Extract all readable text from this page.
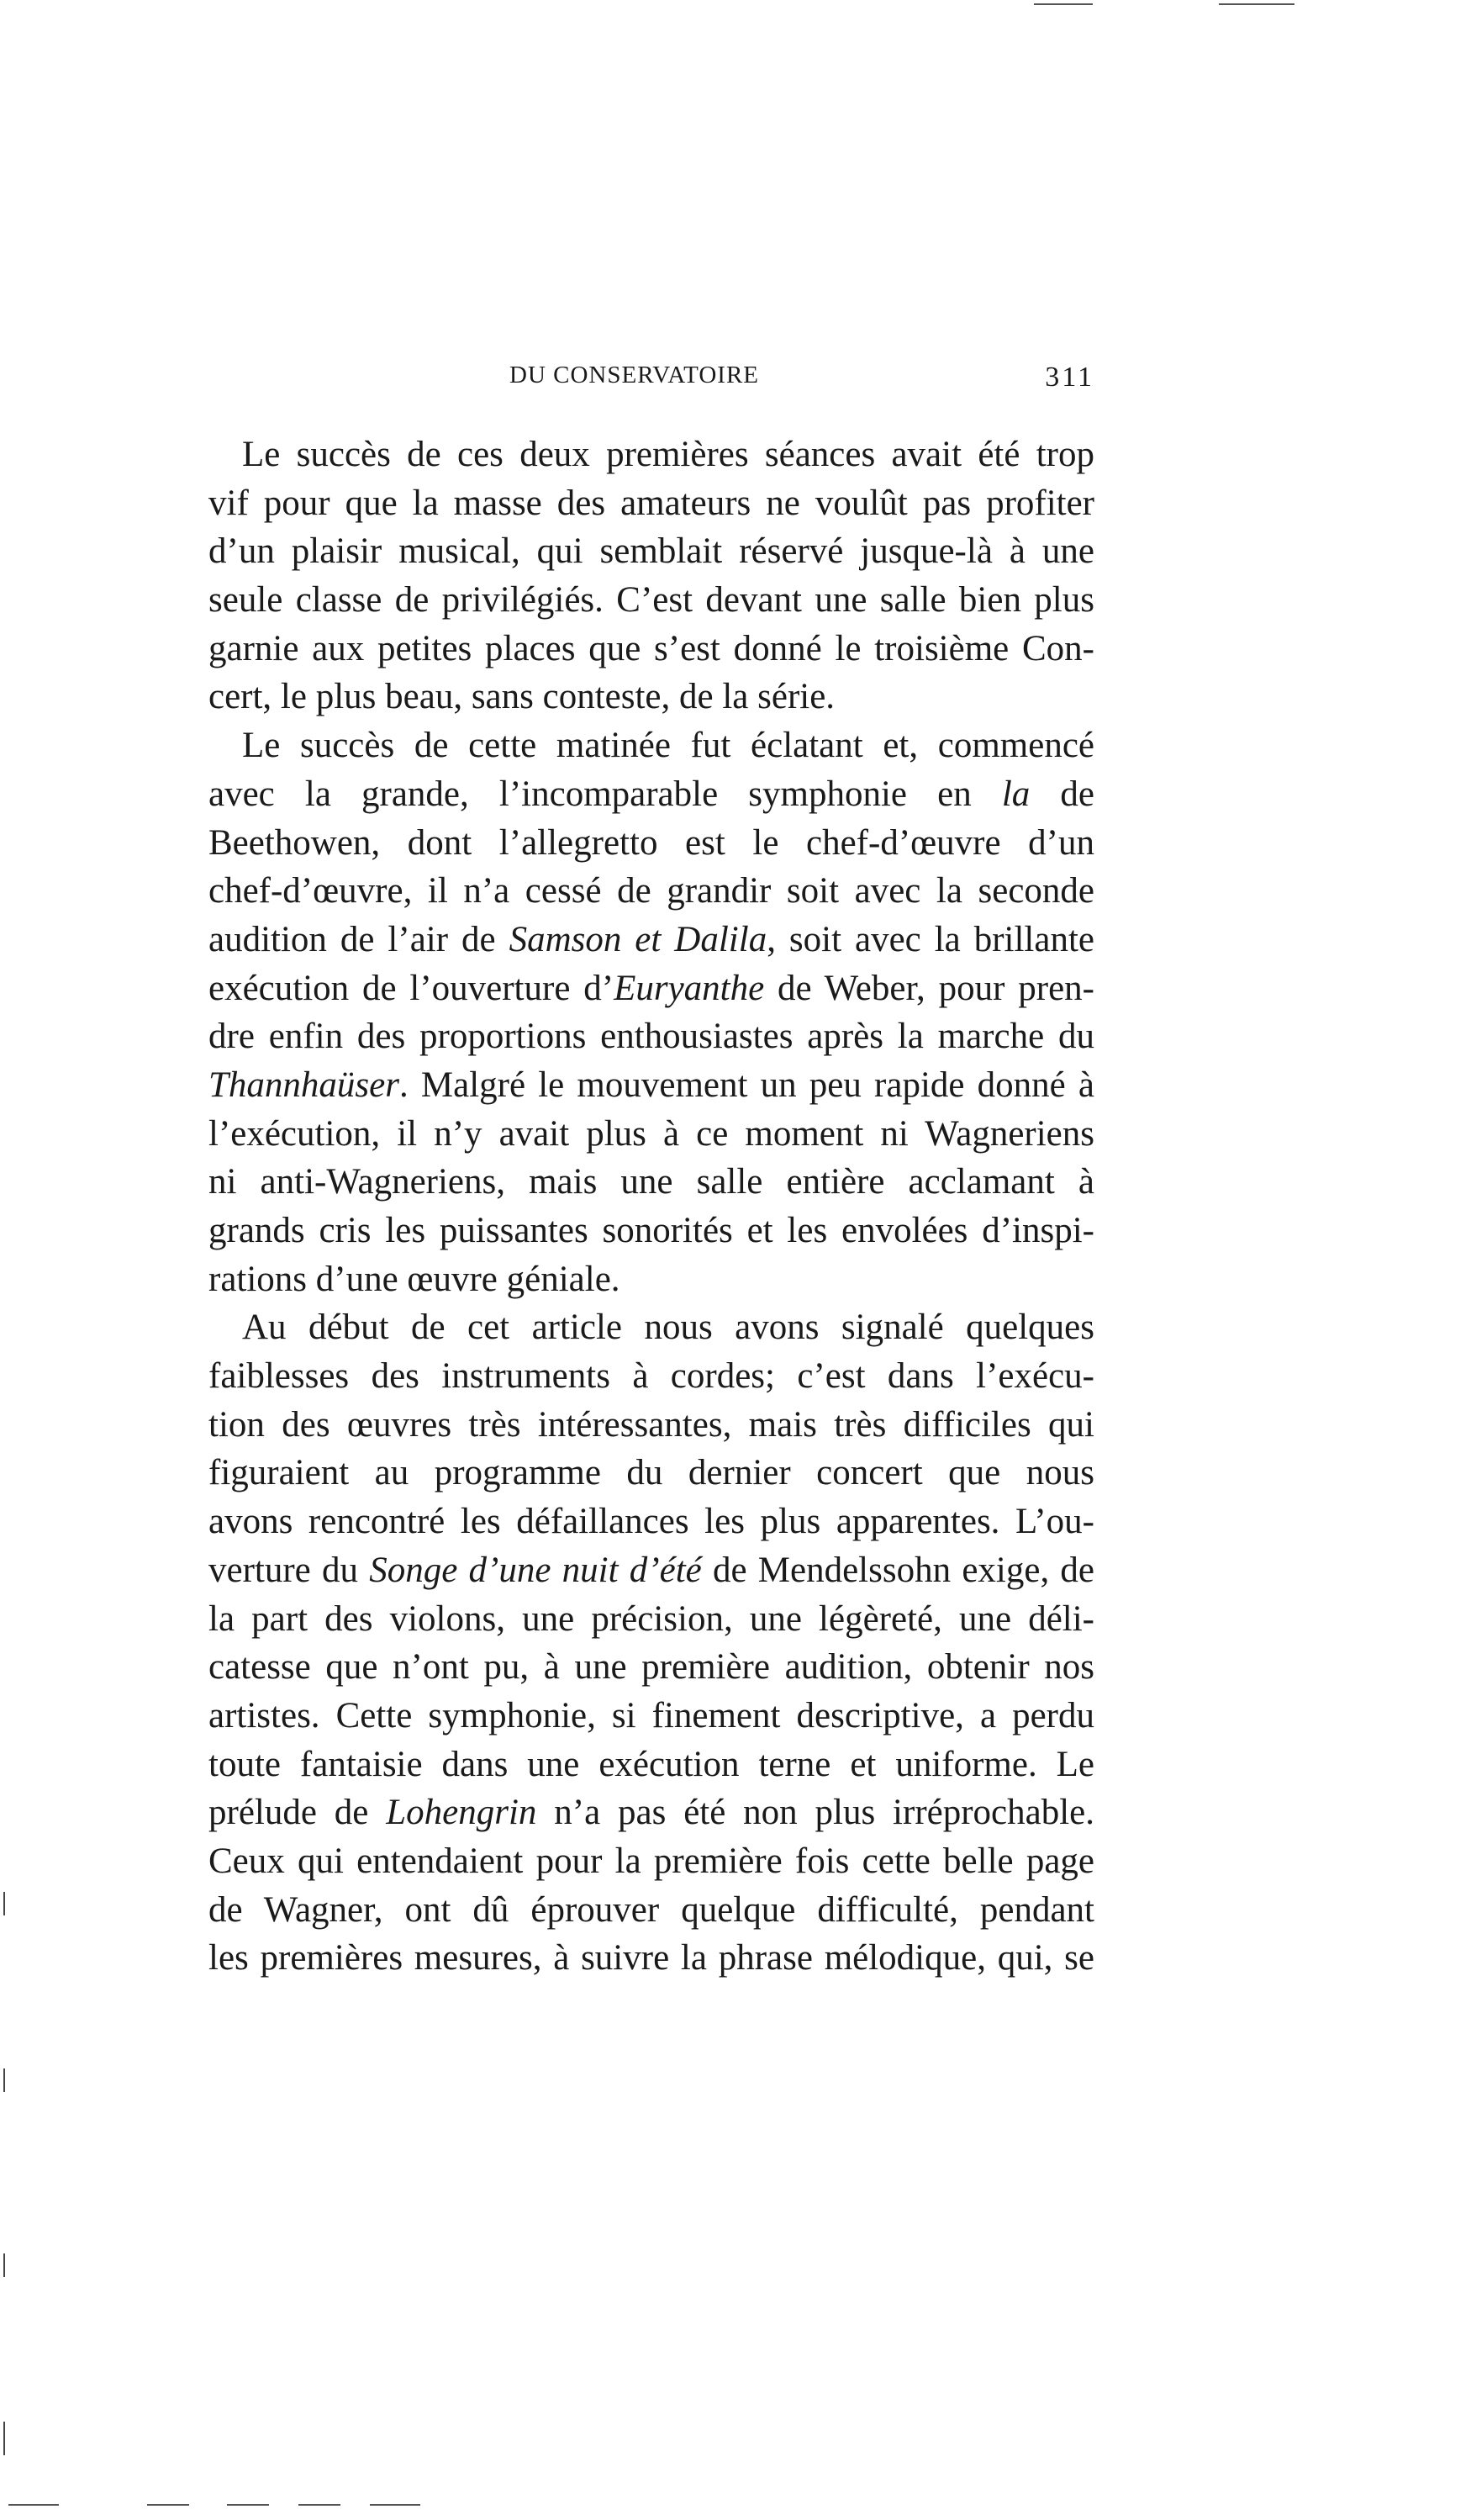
DU CONSERVATOIRE	311
Le succès de ces deux premières séances avait été trop
vif pour que la masse des amateurs ne voulût pas profiter
d’un plaisir musical, qui semblait réservé jusque-là à une
seule classe de privilégiés. C’est devant une salle bien plus
garnie aux petites places que s’est donné le troisième Con-
cert, le plus beau, sans conteste, de la série.
Le succès de cette matinée fut éclatant et, commencé
avec la grande, l’incomparable symphonie en la de
Beethowen, dont l’allegretto est le chef-d’œuvre d’un
chef-d’œuvre, il n’a cessé de grandir soit avec la seconde
audition de l’air de Samson et Dalila, soit avec la brillante
exécution de l’ouverture d’Euryanthe de Weber, pour pren-
dre enfin des proportions enthousiastes après la marche du
Thannhaüser. Malgré le mouvement un peu rapide donné à
l’exécution, il n’y avait plus à ce moment ni Wagneriens
ni anti-Wagneriens, mais une salle entière acclamant à
grands cris les puissantes sonorités et les envolées d’inspi-
rations d’une œuvre géniale.
Au début de cet article nous avons signalé quelques
faiblesses des instruments à cordes; c’est dans l’exécu-
tion des œuvres très intéressantes, mais très difficiles qui
figuraient au programme du dernier concert que nous
avons rencontré les défaillances les plus apparentes. L’ou-
verture du Songe d’une nuit d’été de Mendelssohn exige, de
la part des violons, une précision, une légèreté, une déli-
catesse que n’ont pu, à une première audition, obtenir nos
artistes. Cette symphonie, si finement descriptive, a perdu
toute fantaisie dans une exécution terne et uniforme. Le
prélude de Lohengrin n’a pas été non plus irréprochable.
Ceux qui entendaient pour la première fois cette belle page
de Wagner, ont dû éprouver quelque difficulté, pendant
les premières mesures, à suivre la phrase mélodique, qui, se
